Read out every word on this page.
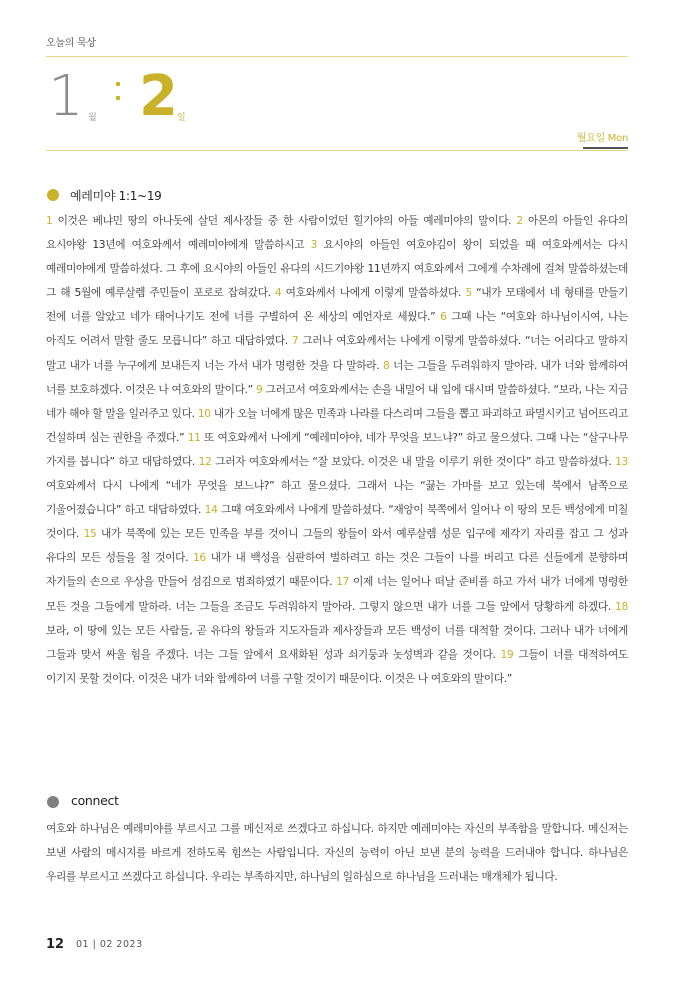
오늘의 묵상
1 월 2 일
월요일 Mon
예레미야 1:1~19
1 이것은 베냐민 땅의 아나돗에 살던 제사장들 중 한 사람이었던 힐기야의 아들 예레미야의 말이다. 2 아몬의 아들인 유다의 요시야왕 13년에 여호와께서 예레미야에게 말씀하시고 3 요시야의 아들인 여호야김이 왕이 되었을 때 여호와께서는 다시 예레미야에게 말씀하셨다. 그 후에 요시야의 아들인 유다의 시드기야왕 11년까지 여호와께서 그에게 수차례에 걸쳐 말씀하셨는데 그 해 5월에 예루살렘 주민들이 포로로 잡혀갔다. 4 여호와께서 나에게 이렇게 말씀하셨다. 5 “내가 모태에서 네 형태를 만들기 전에 너를 알았고 네가 태어나기도 전에 너를 구별하여 온 세상의 예언자로 세웠다.” 6 그때 나는 “여호와 하나님이시여, 나는 아직도 어려서 말할 줄도 모릅니다” 하고 대답하였다. 7 그러나 여호와께서는 나에게 이렇게 말씀하셨다. “너는 어리다고 말하지 말고 내가 너를 누구에게 보내든지 너는 가서 내가 명령한 것을 다 말하라. 8 너는 그들을 두려워하지 말아라. 내가 너와 함께하여 너를 보호하겠다. 이것은 나 여호와의 말이다.” 9 그러고서 여호와께서는 손을 내밀어 내 입에 대시며 말씀하셨다. “보라, 나는 지금 네가 해야 할 말을 일러주고 있다. 10 내가 오늘 너에게 많은 민족과 나라를 다스리며 그들을 뽑고 파괴하고 파멸시키고 넘어뜨리고 건설하며 심는 권한을 주겠다.” 11 또 여호와께서 나에게 “예레미야야, 네가 무엇을 보느냐?” 하고 물으셨다. 그때 나는 “살구나무 가지를 봅니다” 하고 대답하였다. 12 그러자 여호와께서는 “잘 보았다. 이것은 내 말을 이루기 위한 것이다” 하고 말씀하셨다. 13 여호와께서 다시 나에게 “네가 무엇을 보느냐?” 하고 물으셨다. 그래서 나는 “끓는 가마를 보고 있는데 북에서 남쪽으로 기울어졌습니다” 하고 대답하였다. 14 그때 여호와께서 나에게 말씀하셨다. “재앙이 북쪽에서 일어나 이 땅의 모든 백성에게 미칠 것이다. 15 내가 북쪽에 있는 모든 민족을 부를 것이니 그들의 왕들이 와서 예루살렘 성문 입구에 제각기 자리를 잡고 그 성과 유다의 모든 성들을 칠 것이다. 16 내가 내 백성을 심판하여 벌하려고 하는 것은 그들이 나를 버리고 다른 신들에게 분향하며 자기들의 손으로 우상을 만들어 섬김으로 범죄하였기 때문이다. 17 이제 너는 일어나 떠날 준비를 하고 가서 내가 너에게 명령한 모든 것을 그들에게 말하라. 너는 그들을 조금도 두려워하지 말아라. 그렇지 않으면 내가 너를 그들 앞에서 당황하게 하겠다. 18 보라, 이 땅에 있는 모든 사람들, 곧 유다의 왕들과 지도자들과 제사장들과 모든 백성이 너를 대적할 것이다. 그러나 내가 너에게 그들과 맞서 싸울 힘을 주겠다. 너는 그들 앞에서 요새화된 성과 쇠기둥과 놋성벽과 같을 것이다. 19 그들이 너를 대적하여도 이기지 못할 것이다. 이것은 내가 너와 함께하여 너를 구할 것이기 때문이다. 이것은 나 여호와의 말이다.”
connect
여호와 하나님은 예레미야를 부르시고 그를 메신저로 쓰겠다고 하십니다. 하지만 예레미야는 자신의 부족함을 말합니다. 메신저는 보낸 사람의 메시지를 바르게 전하도록 힘쓰는 사람입니다. 자신의 능력이 아닌 보낸 분의 능력을 드러내야 합니다. 하나님은 우리를 부르시고 쓰겠다고 하십니다. 우리는 부족하지만, 하나님의 일하심으로 하나님을 드러내는 매개체가 됩니다.
12 01 | 02 2023
